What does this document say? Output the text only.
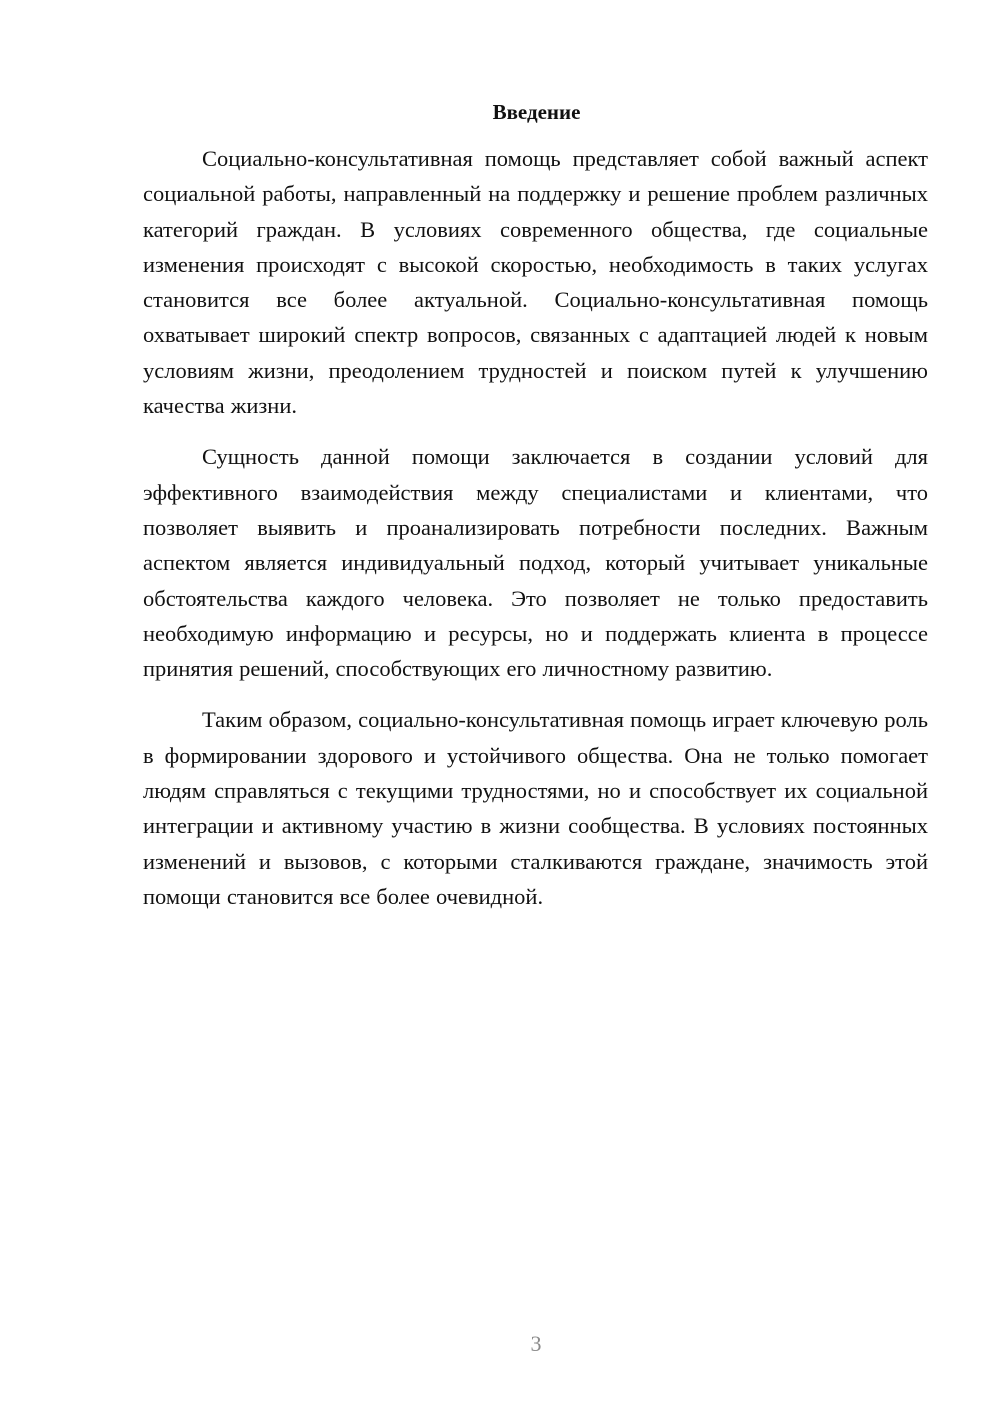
Введение

Социально-консультативная помощь представляет собой важный аспект социальной работы, направленный на поддержку и решение проблем различных категорий граждан. В условиях современного общества, где социальные изменения происходят с высокой скоростью, необходимость в таких услугах становится все более актуальной. Социально-консультативная помощь охватывает широкий спектр вопросов, связанных с адаптацией людей к новым условиям жизни, преодолением трудностей и поиском путей к улучшению качества жизни.

Сущность данной помощи заключается в создании условий для эффективного взаимодействия между специалистами и клиентами, что позволяет выявить и проанализировать потребности последних. Важным аспектом является индивидуальный подход, который учитывает уникальные обстоятельства каждого человека. Это позволяет не только предоставить необходимую информацию и ресурсы, но и поддержать клиента в процессе принятия решений, способствующих его личностному развитию.

Таким образом, социально-консультативная помощь играет ключевую роль в формировании здорового и устойчивого общества. Она не только помогает людям справляться с текущими трудностями, но и способствует их социальной интеграции и активному участию в жизни сообщества. В условиях постоянных изменений и вызовов, с которыми сталкиваются граждане, значимость этой помощи становится все более очевидной.

3
